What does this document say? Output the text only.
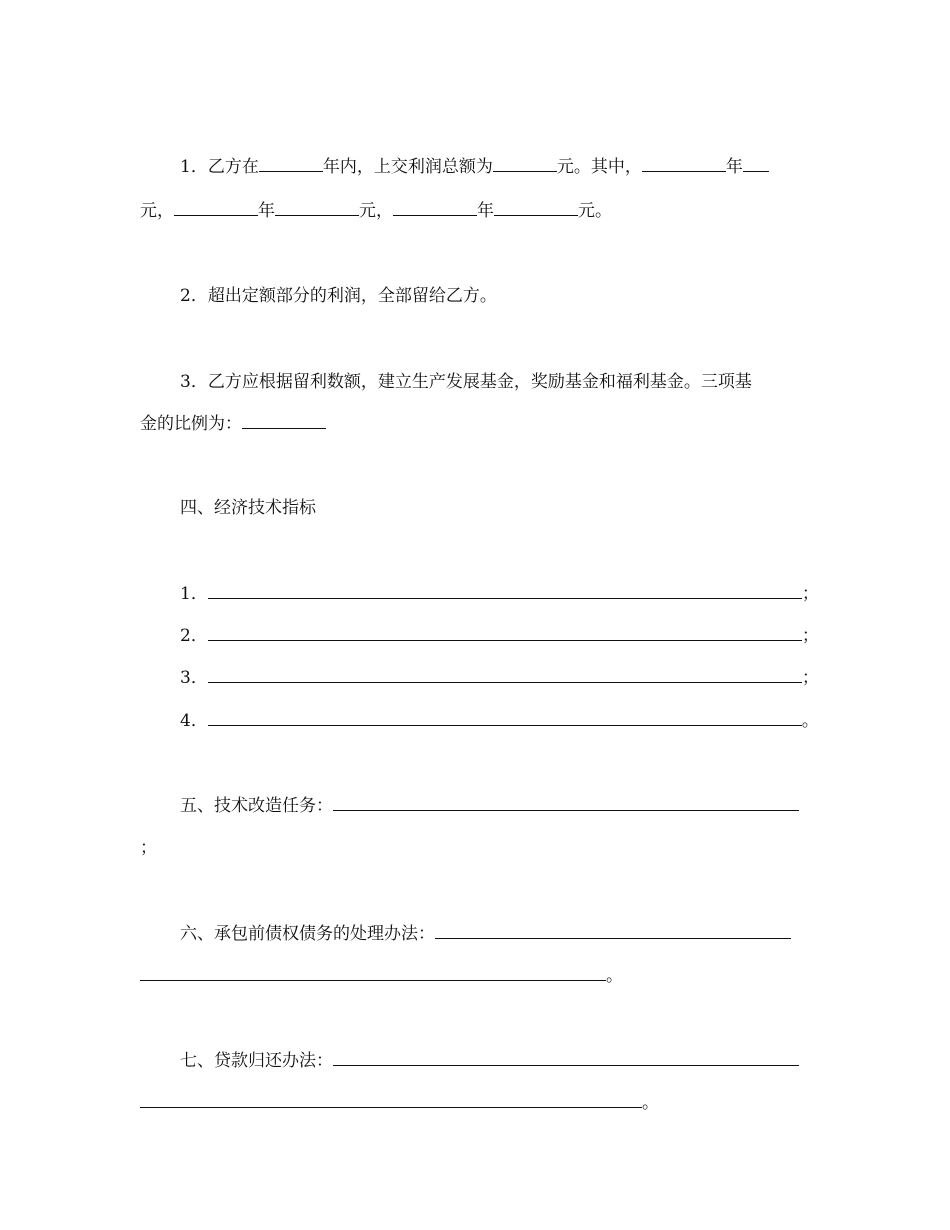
1．乙方在	年内，上交利润总额为	元。其中，	年
元，	年	元，	年	元。
2．超出定额部分的利润，全部留给乙方。
3．乙方应根据留利数额，建立生产发展基金，奖励基金和福利基金。三项基
金的比例为：
四、经济技术指标
1．	；
2．	；
3．	；
4．	。
五、技术改造任务：
；
六、承包前债权债务的处理办法：
。
七、贷款归还办法：
。
